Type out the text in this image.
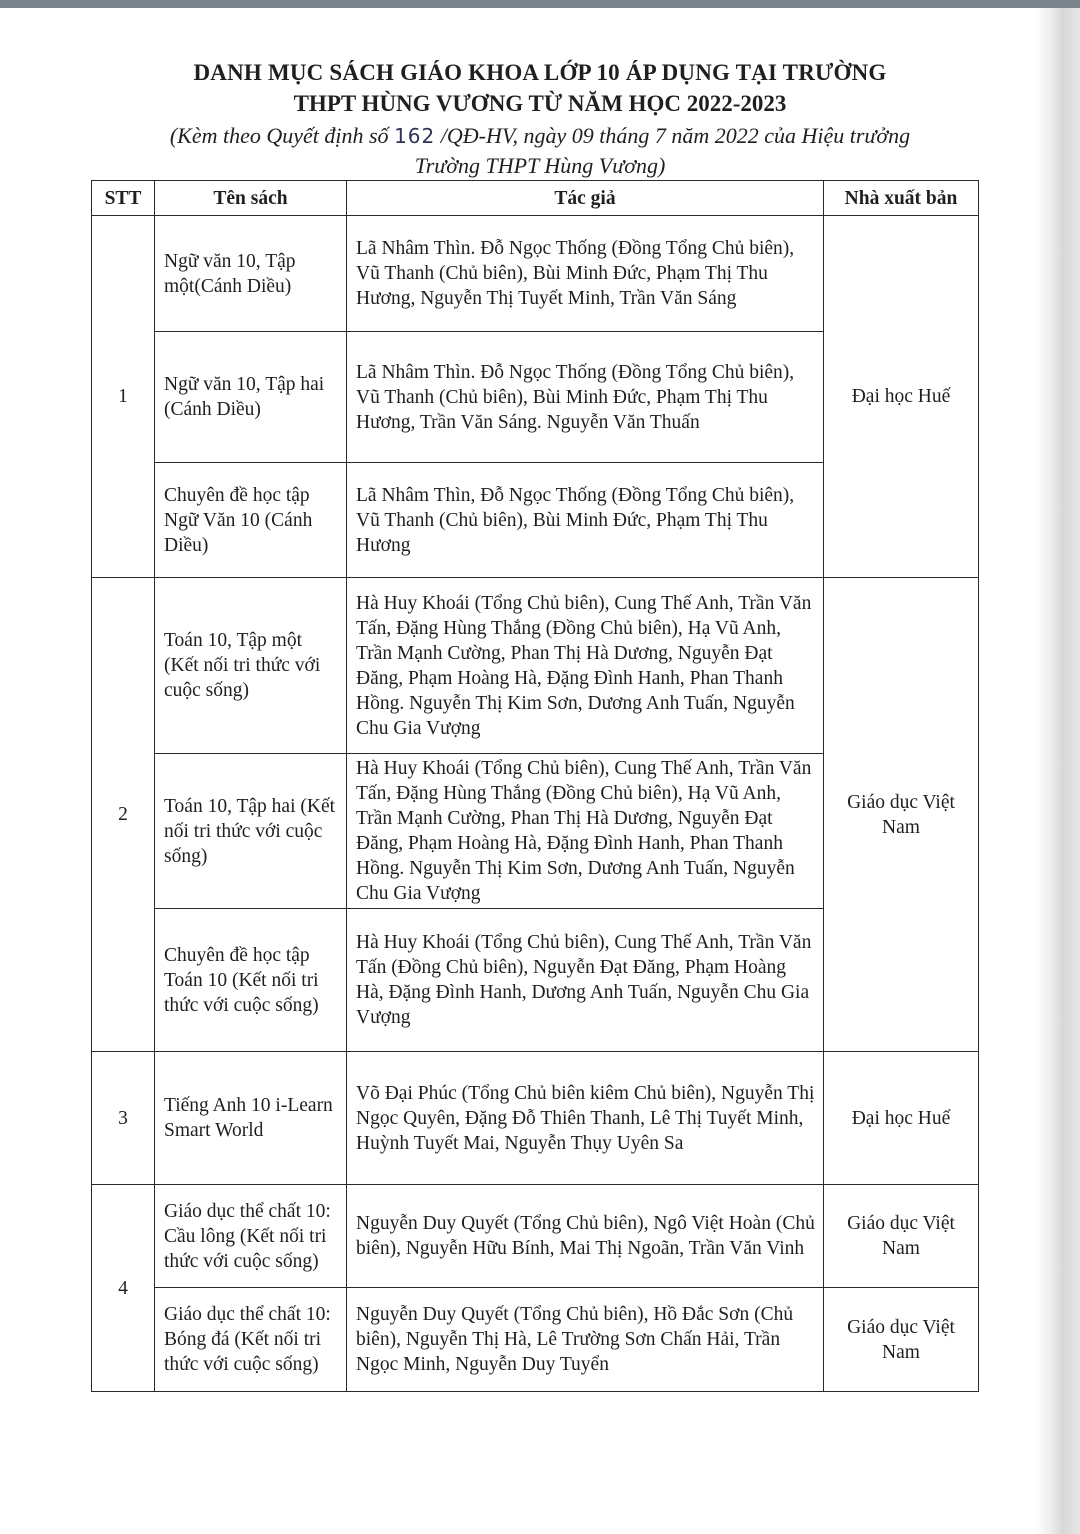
DANH MỤC SÁCH GIÁO KHOA LỚP 10 ÁP DỤNG TẠI TRƯỜNG
THPT HÙNG VƯƠNG TỪ NĂM HỌC 2022-2023
(Kèm theo Quyết định số 162 /QĐ-HV, ngày 09 tháng 7 năm 2022 của Hiệu trưởng
Trường THPT Hùng Vương)
STT	Tên sách	Tác giả	Nhà xuất bản
1	Ngữ văn 10, Tập một(Cánh Diều)	Lã Nhâm Thìn. Đỗ Ngọc Thống (Đồng Tổng Chủ biên), Vũ Thanh (Chủ biên), Bùi Minh Đức, Phạm Thị Thu Hương, Nguyễn Thị Tuyết Minh, Trần Văn Sáng	Đại học Huế
	Ngữ văn 10, Tập hai (Cánh Diều)	Lã Nhâm Thìn. Đỗ Ngọc Thống (Đồng Tổng Chủ biên), Vũ Thanh (Chủ biên), Bùi Minh Đức, Phạm Thị Thu Hương, Trần Văn Sáng. Nguyễn Văn Thuấn	
	Chuyên đề học tập Ngữ Văn 10 (Cánh Diều)	Lã Nhâm Thìn, Đỗ Ngọc Thống (Đồng Tổng Chủ biên), Vũ Thanh (Chủ biên), Bùi Minh Đức, Phạm Thị Thu Hương	
2	Toán 10, Tập một (Kết nối tri thức với cuộc sống)	Hà Huy Khoái (Tổng Chủ biên), Cung Thế Anh, Trần Văn Tấn, Đặng Hùng Thắng (Đồng Chủ biên), Hạ Vũ Anh, Trần Mạnh Cường, Phan Thị Hà Dương, Nguyễn Đạt Đăng, Phạm Hoàng Hà, Đặng Đình Hanh, Phan Thanh Hồng. Nguyễn Thị Kim Sơn, Dương Anh Tuấn, Nguyễn Chu Gia Vượng	Giáo dục Việt Nam
	Toán 10, Tập hai (Kết nối tri thức với cuộc sống)	Hà Huy Khoái (Tổng Chủ biên), Cung Thế Anh, Trần Văn Tấn, Đặng Hùng Thắng (Đồng Chủ biên), Hạ Vũ Anh, Trần Mạnh Cường, Phan Thị Hà Dương, Nguyễn Đạt Đăng, Phạm Hoàng Hà, Đặng Đình Hanh, Phan Thanh Hồng. Nguyễn Thị Kim Sơn, Dương Anh Tuấn, Nguyễn Chu Gia Vượng	
	Chuyên đề học tập Toán 10 (Kết nối tri thức với cuộc sống)	Hà Huy Khoái (Tổng Chủ biên), Cung Thế Anh, Trần Văn Tấn (Đồng Chủ biên), Nguyễn Đạt Đăng, Phạm Hoàng Hà, Đặng Đình Hanh, Dương Anh Tuấn, Nguyễn Chu Gia Vượng	
3	Tiếng Anh 10 i-Learn Smart World	Võ Đại Phúc (Tổng Chủ biên kiêm Chủ biên), Nguyễn Thị Ngọc Quyên, Đặng Đỗ Thiên Thanh, Lê Thị Tuyết Minh, Huỳnh Tuyết Mai, Nguyễn Thụy Uyên Sa	Đại học Huế
4	Giáo dục thể chất 10: Cầu lông (Kết nối tri thức với cuộc sống)	Nguyễn Duy Quyết (Tổng Chủ biên), Ngô Việt Hoàn (Chủ biên), Nguyễn Hữu Bính, Mai Thị Ngoãn, Trần Văn Vinh	Giáo dục Việt Nam
	Giáo dục thể chất 10: Bóng đá (Kết nối tri thức với cuộc sống)	Nguyễn Duy Quyết (Tổng Chủ biên), Hồ Đắc Sơn (Chủ biên), Nguyễn Thị Hà, Lê Trường Sơn Chấn Hải, Trần Ngọc Minh, Nguyễn Duy Tuyển	Giáo dục Việt Nam
